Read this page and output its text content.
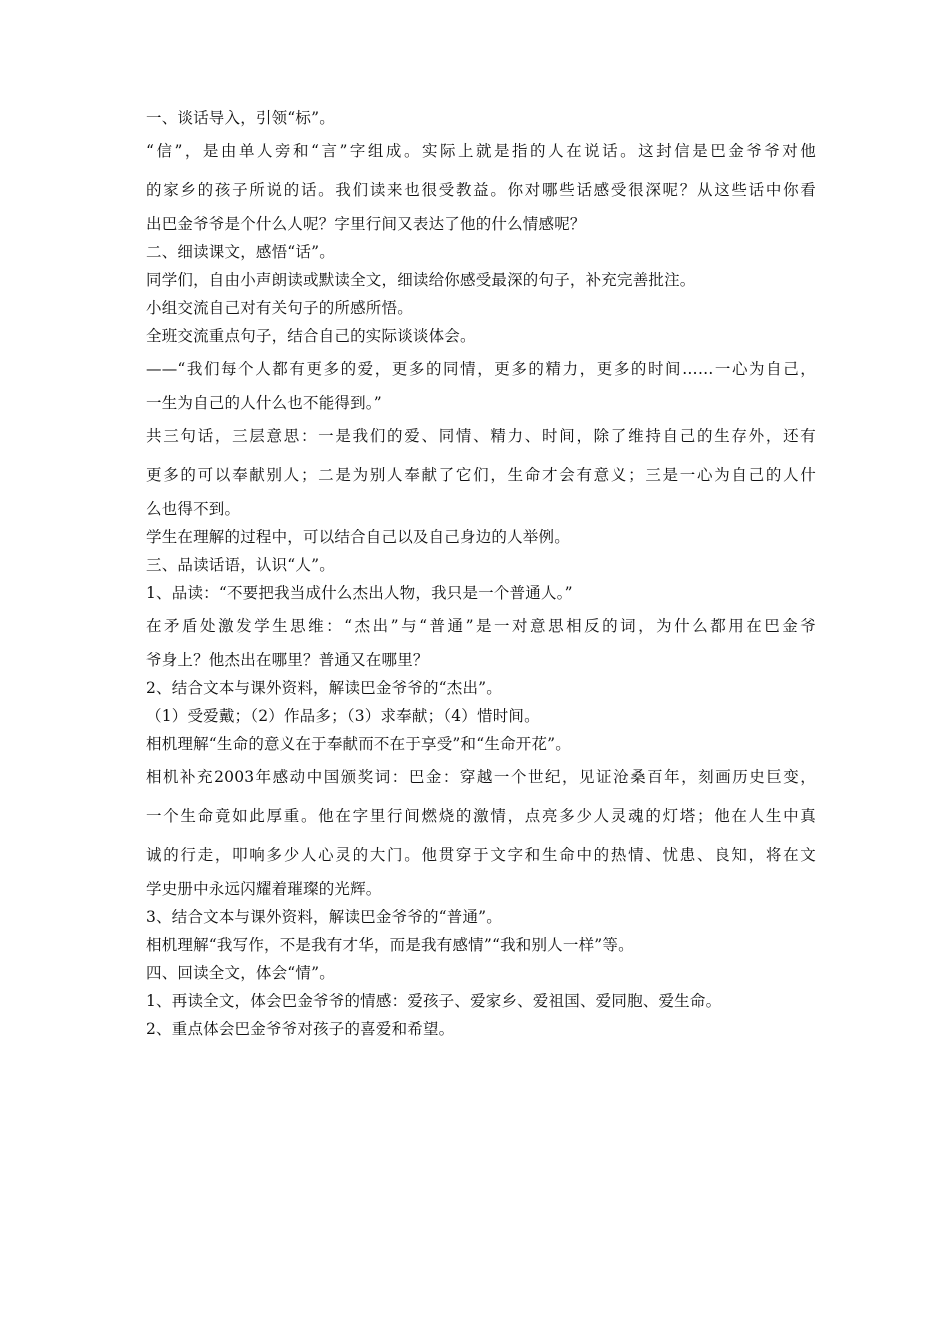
一、谈话导入，引领“标”。

“信”，是由单人旁和“言”字组成。实际上就是指的人在说话。这封信是巴金爷爷对他

的家乡的孩子所说的话。我们读来也很受教益。你对哪些话感受很深呢？从这些话中你看

出巴金爷爷是个什么人呢？字里行间又表达了他的什么情感呢？

二、细读课文，感悟“话”。

同学们，自由小声朗读或默读全文，细读给你感受最深的句子，补充完善批注。

小组交流自己对有关句子的所感所悟。

全班交流重点句子，结合自己的实际谈谈体会。

——“我们每个人都有更多的爱，更多的同情，更多的精力，更多的时间……一心为自己，

一生为自己的人什么也不能得到。”

共三句话，三层意思：一是我们的爱、同情、精力、时间，除了维持自己的生存外，还有

更多的可以奉献别人；二是为别人奉献了它们，生命才会有意义；三是一心为自己的人什

么也得不到。

学生在理解的过程中，可以结合自己以及自己身边的人举例。

三、品读话语，认识“人”。

1、品读：“不要把我当成什么杰出人物，我只是一个普通人。”

在矛盾处激发学生思维：“杰出”与“普通”是一对意思相反的词，为什么都用在巴金爷

爷身上？他杰出在哪里？普通又在哪里？

2、结合文本与课外资料，解读巴金爷爷的“杰出”。

（1）受爱戴；（2）作品多；（3）求奉献；（4）惜时间。

相机理解“生命的意义在于奉献而不在于享受”和“生命开花”。

相机补充2003年感动中国颁奖词：巴金：穿越一个世纪，见证沧桑百年，刻画历史巨变，

一个生命竟如此厚重。他在字里行间燃烧的激情，点亮多少人灵魂的灯塔；他在人生中真

诚的行走，叩响多少人心灵的大门。他贯穿于文字和生命中的热情、忧患、良知，将在文

学史册中永远闪耀着璀璨的光辉。

3、结合文本与课外资料，解读巴金爷爷的“普通”。

相机理解“我写作，不是我有才华，而是我有感情”“我和别人一样”等。

四、回读全文，体会“情”。

1、再读全文，体会巴金爷爷的情感：爱孩子、爱家乡、爱祖国、爱同胞、爱生命。

2、重点体会巴金爷爷对孩子的喜爱和希望。
